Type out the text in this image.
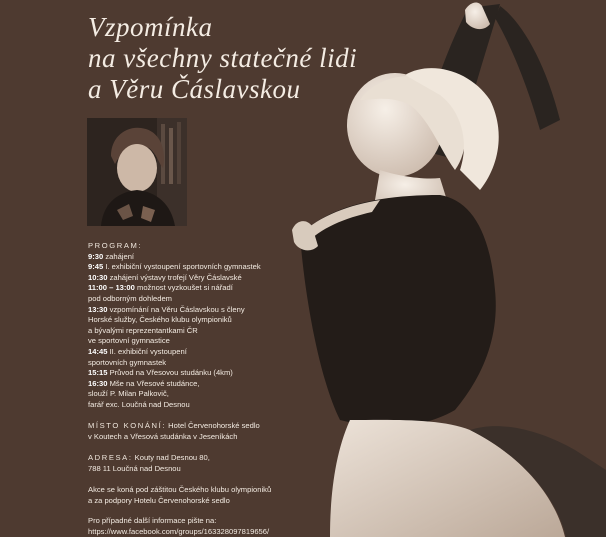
Vzpomínka
na všechny statečné lidi
a Věru Čáslavskou
PROGRAM:
9:30 zahájení
9:45 I. exhibiční vystoupení sportovních gymnastek
10:30 zahájení výstavy trofejí Věry Čáslavské
11:00 – 13:00 možnost vyzkoušet si nářadí
pod odborným dohledem
13:30 vzpomínání na Věru Čáslavskou s členy
Horské služby, Českého klubu olympioniků
a bývalými reprezentantkami ČR
ve sportovní gymnastice
14:45 II. exhibiční vystoupení
sportovních gymnastek
15:15 Průvod na Vřesovou studánku (4km)
16:30 Mše na Vřesové studánce,
slouží P. Milan Palkovič,
farář exc. Loučná nad Desnou
MÍSTO KONÁNÍ: Hotel Červenohorské sedlo
v Koutech a Vřesová studánka v Jeseníkách
ADRESA: Kouty nad Desnou 80,
788 11 Loučná nad Desnou
Akce se koná pod záštitou Českého klubu olympioniků
a za podpory Hotelu Červenohorské sedlo
Pro případné další informace pište na:
https://www.facebook.com/groups/163328097819656/
